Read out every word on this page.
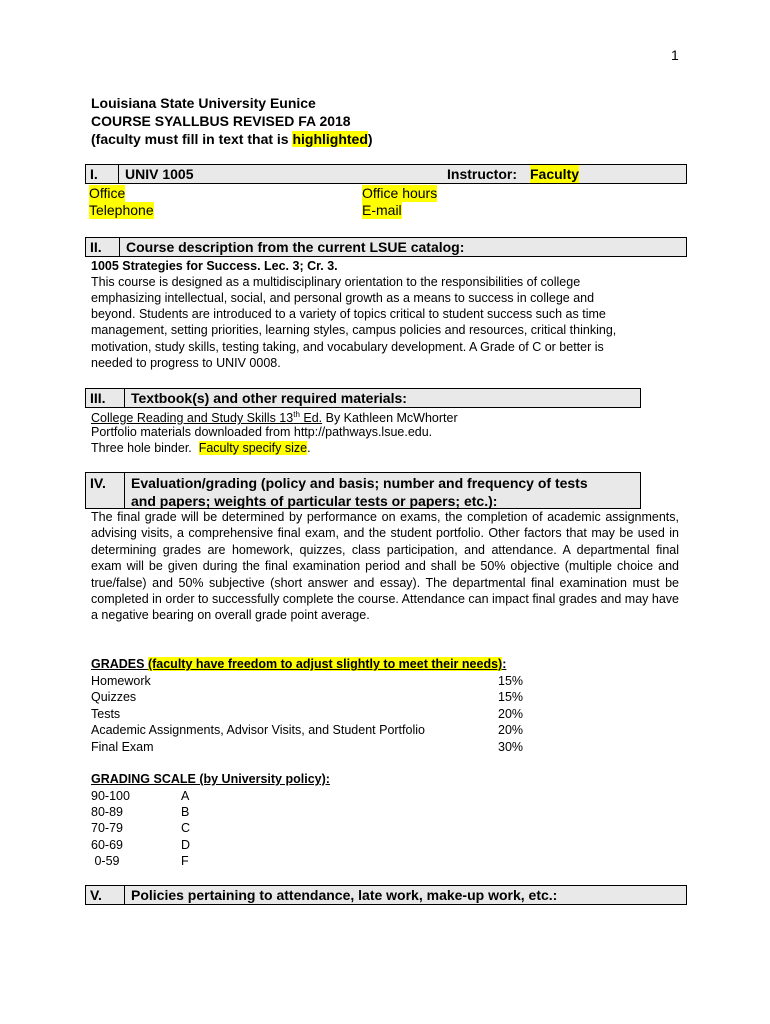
1
Louisiana State University Eunice
COURSE SYALLBUS REVISED FA 2018
(faculty must fill in text that is highlighted)
I.	UNIV 1005	Instructor: Faculty
Office	Office hours
Telephone	E-mail
II.	Course description from the current LSUE catalog:
1005 Strategies for Success. Lec. 3; Cr. 3.
This course is designed as a multidisciplinary orientation to the responsibilities of college
emphasizing intellectual, social, and personal growth as a means to success in college and
beyond. Students are introduced to a variety of topics critical to student success such as time
management, setting priorities, learning styles, campus policies and resources, critical thinking,
motivation, study skills, testing taking, and vocabulary development. A Grade of C or better is
needed to progress to UNIV 0008.
III.	Textbook(s) and other required materials:
College Reading and Study Skills 13th Ed. By Kathleen McWhorter
Portfolio materials downloaded from http://pathways.lsue.edu.
Three hole binder.  Faculty specify size.
IV.	Evaluation/grading (policy and basis; number and frequency of tests
and papers; weights of particular tests or papers; etc.):
The final grade will be determined by performance on exams, the completion of academic assignments, advising visits, a comprehensive final exam, and the student portfolio. Other factors that may be used in determining grades are homework, quizzes, class participation, and attendance. A departmental final exam will be given during the final examination period and shall be 50% objective (multiple choice and true/false) and 50% subjective (short answer and essay). The departmental final examination must be completed in order to successfully complete the course. Attendance can impact final grades and may have a negative bearing on overall grade point average.
GRADES (faculty have freedom to adjust slightly to meet their needs):
Homework	15%
Quizzes	15%
Tests	20%
Academic Assignments, Advisor Visits, and Student Portfolio	20%
Final Exam	30%
GRADING SCALE (by University policy):
90-100	A
80-89	B
70-79	C
60-69	D
0-59	F
V.	Policies pertaining to attendance, late work, make-up work, etc.:
